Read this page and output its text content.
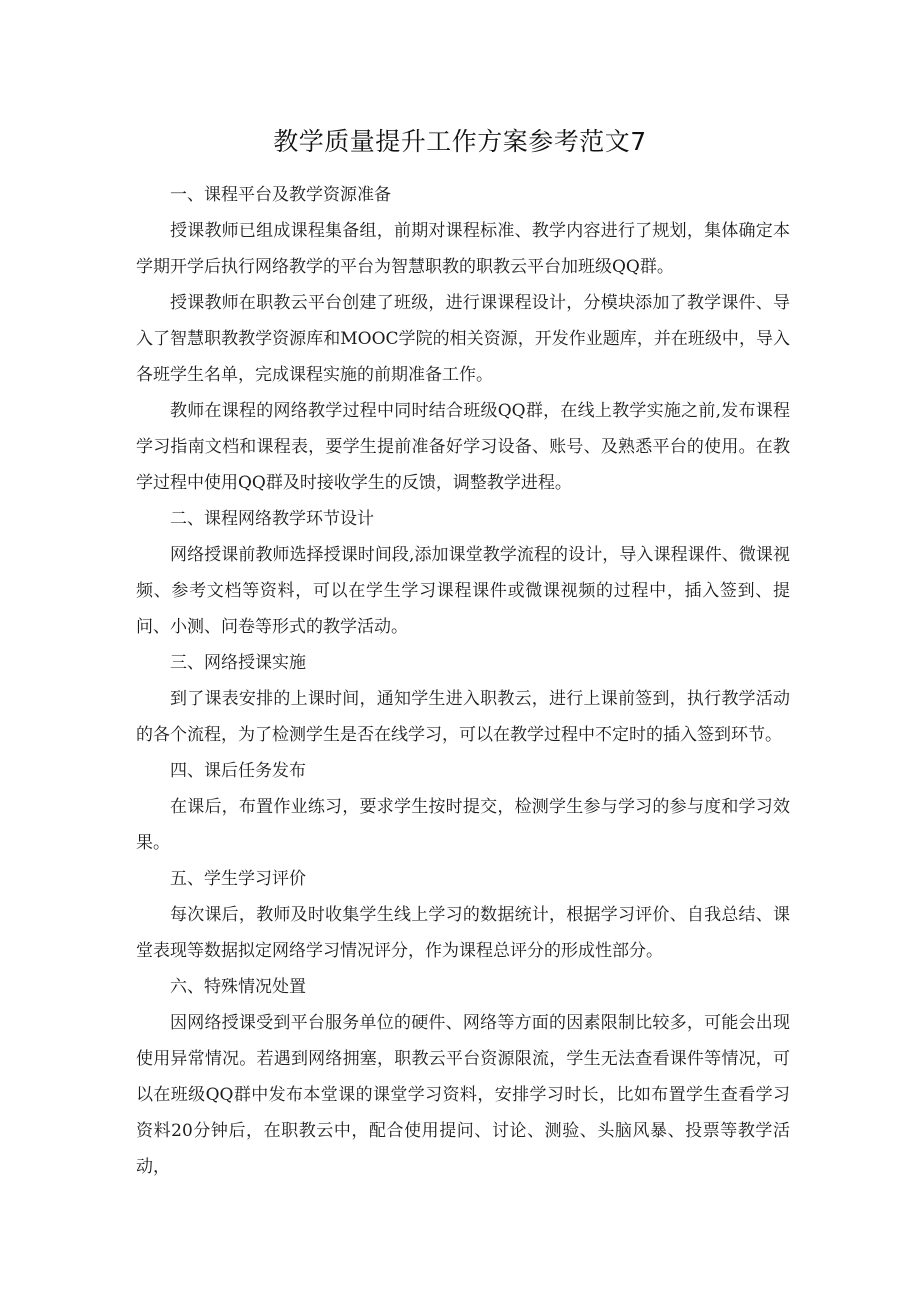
教学质量提升工作方案参考范文7

一、课程平台及教学资源准备

授课教师已组成课程集备组，前期对课程标准、教学内容进行了规划，集体确定本学期开学后执行网络教学的平台为智慧职教的职教云平台加班级QQ群。

授课教师在职教云平台创建了班级，进行课课程设计，分模块添加了教学课件、导入了智慧职教教学资源库和MOOC学院的相关资源，开发作业题库，并在班级中，导入各班学生名单，完成课程实施的前期准备工作。

教师在课程的网络教学过程中同时结合班级QQ群，在线上教学实施之前,发布课程学习指南文档和课程表，要学生提前准备好学习设备、账号、及熟悉平台的使用。在教学过程中使用QQ群及时接收学生的反馈，调整教学进程。

二、课程网络教学环节设计

网络授课前教师选择授课时间段,添加课堂教学流程的设计，导入课程课件、微课视频、参考文档等资料，可以在学生学习课程课件或微课视频的过程中，插入签到、提问、小测、问卷等形式的教学活动。

三、网络授课实施

到了课表安排的上课时间，通知学生进入职教云，进行上课前签到，执行教学活动的各个流程，为了检测学生是否在线学习，可以在教学过程中不定时的插入签到环节。

四、课后任务发布

在课后，布置作业练习，要求学生按时提交，检测学生参与学习的参与度和学习效果。

五、学生学习评价

每次课后，教师及时收集学生线上学习的数据统计，根据学习评价、自我总结、课堂表现等数据拟定网络学习情况评分，作为课程总评分的形成性部分。

六、特殊情况处置

因网络授课受到平台服务单位的硬件、网络等方面的因素限制比较多，可能会出现使用异常情况。若遇到网络拥塞，职教云平台资源限流，学生无法查看课件等情况，可以在班级QQ群中发布本堂课的课堂学习资料，安排学习时长，比如布置学生查看学习资料20分钟后，在职教云中，配合使用提问、讨论、测验、头脑风暴、投票等教学活动，
